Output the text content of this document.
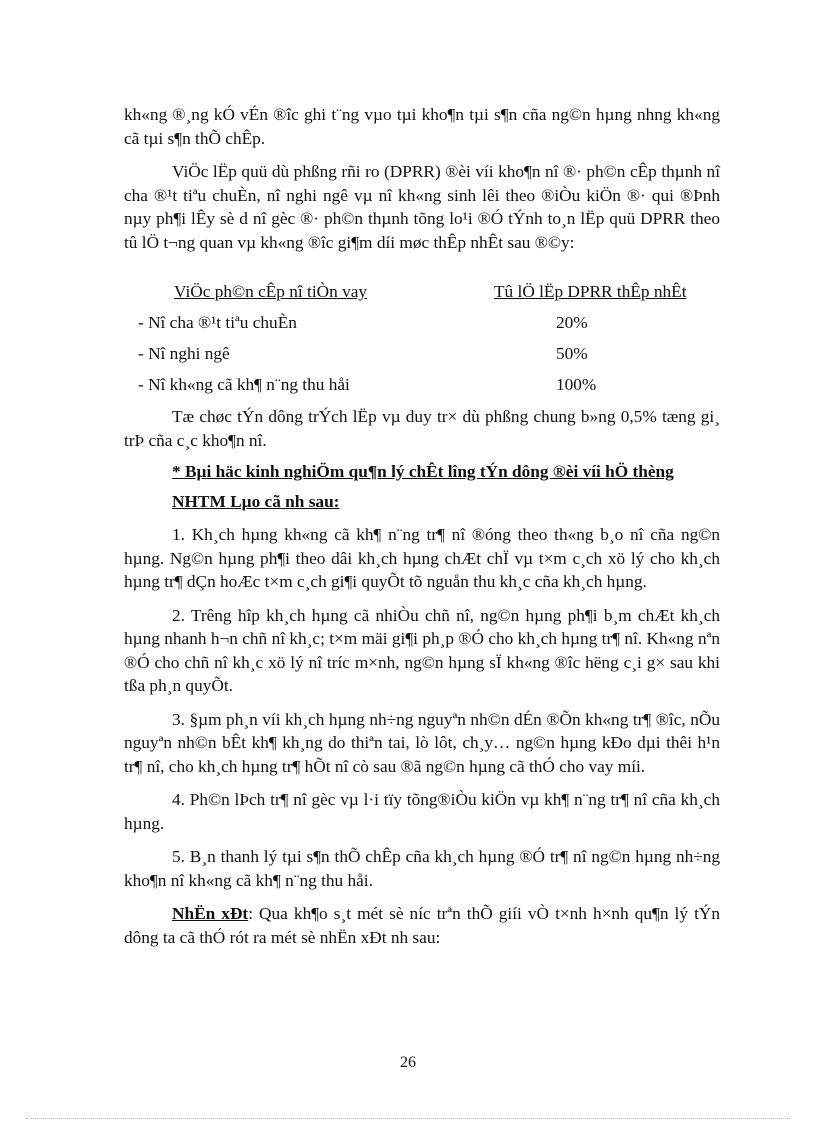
kh«ng ®¸ng kÓ vÉn ®îc ghi t¨ng vµo tµi kho¶n tµi s¶n cña ng©n hµng nhng kh«ng cã tµi s¶n thÕ chÊp.

ViÖc lËp quü dù phßng rñi ro (DPRR) ®èi víi kho¶n nî ®· ph©n cÊp thµnh nî cha ®¹t tiªu chuÈn, nî nghi ngê vµ nî kh«ng sinh lêi theo ®iÒu kiÖn ®· qui ®Þnh nµy ph¶i lÊy sè d nî gèc ®· ph©n thµnh tõng lo¹i ®Ó tÝnh to¸n lËp quü DPRR theo tû lÖ t¬ng quan vµ kh«ng ®îc gi¶m díi møc thÊp nhÊt sau ®©y:

ViÖc ph©n cÊp nî tiÒn vay	Tû lÖ lËp DPRR thÊp nhÊt
- Nî cha ®¹t tiªu chuÈn	20%
- Nî nghi ngê	50%
- Nî kh«ng cã kh¶ n¨ng thu håi	100%

Tæ chøc tÝn dông trÝch lËp vµ duy tr× dù phßng chung b»ng 0,5% tæng gi¸ trÞ cña c¸c kho¶n nî.

* Bµi häc kinh nghiÖm qu¶n lý chÊt lîng tÝn dông ®èi víi hÖ thèng

NHTM Lµo cã nh sau:

1. Kh¸ch hµng kh«ng cã kh¶ n¨ng tr¶ nî ®óng theo th«ng b¸o nî cña ng©n hµng. Ng©n hµng ph¶i theo dâi kh¸ch hµng chÆt chÏ vµ t×m c¸ch xö lý cho kh¸ch hµng tr¶ dÇn hoÆc t×m c¸ch gi¶i quyÕt tõ nguån thu kh¸c cña kh¸ch hµng.

2. Trêng hîp kh¸ch hµng cã nhiÒu chñ nî, ng©n hµng ph¶i b¸m chÆt kh¸ch hµng nhanh h¬n chñ nî kh¸c; t×m mäi gi¶i ph¸p ®Ó cho kh¸ch hµng tr¶ nî. Kh«ng nªn ®Ó cho chñ nî kh¸c xö lý nî tríc m×nh, ng©n hµng sÏ kh«ng ®îc hëng c¸i g× sau khi tßa ph¸n quyÕt.

3. §µm ph¸n víi kh¸ch hµng nh÷ng nguyªn nh©n dÉn ®Õn kh«ng tr¶ ®îc, nÕu nguyªn nh©n bÊt kh¶ kh¸ng do thiªn tai, lò lôt, ch¸y… ng©n hµng kÐo dµi thêi h¹n tr¶ nî, cho kh¸ch hµng tr¶ hÕt nî cò sau ®ã ng©n hµng cã thÓ cho vay míi.

4. Ph©n lÞch tr¶ nî gèc vµ l·i tïy tõng®iÒu kiÖn vµ kh¶ n¨ng tr¶ nî cña kh¸ch hµng.

5. B¸n thanh lý tµi s¶n thÕ chÊp cña kh¸ch hµng ®Ó tr¶ nî ng©n hµng nh÷ng kho¶n nî kh«ng cã kh¶ n¨ng thu håi.

NhËn xÐt: Qua kh¶o s¸t mét sè níc trªn thÕ giíi vÒ t×nh h×nh qu¶n lý tÝn dông ta cã thÓ rót ra mét sè nhËn xÐt nh sau:

26
